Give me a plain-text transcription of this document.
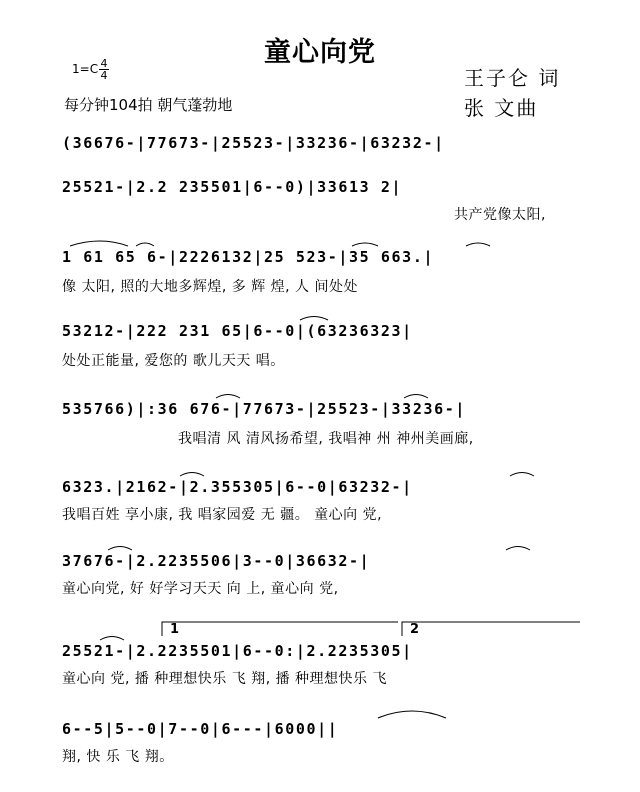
童心向党
1=C 4
4
每分钟104拍 朝气蓬勃地
王子仑 词
张 文曲
(36676-|77673-|25523-|33236-|63232-|
25521-|2.2 235501|6--0)|33613 2|
共产党像太阳,
1 61 65 6-|2226132|25 523-|35 663.|
像 太阳, 照的大地多辉煌, 多 辉 煌, 人 间处处
53212-|222 231 65|6--0|(63236323|
处处正能量, 爱您的 歌儿天天 唱。
535766)|:36 676-|77673-|25523-|33236-|
我唱清 风 清风扬希望, 我唱神 州 神州美画廊,
6323.|2162-|2.355305|6--0|63232-|
我唱百姓 享小康, 我 唱家园爱 无 疆。 童心向 党,
37676-|2.2235506|3--0|36632-|
童心向党, 好 好学习天天 向 上, 童心向 党,
1	2
25521-|2.2235501|6--0:|2.2235305|
童心向 党, 播 种理想快乐 飞 翔, 播 种理想快乐 飞
6--5|5--0|7--0|6---|6000||
翔, 快 乐 飞 翔。
